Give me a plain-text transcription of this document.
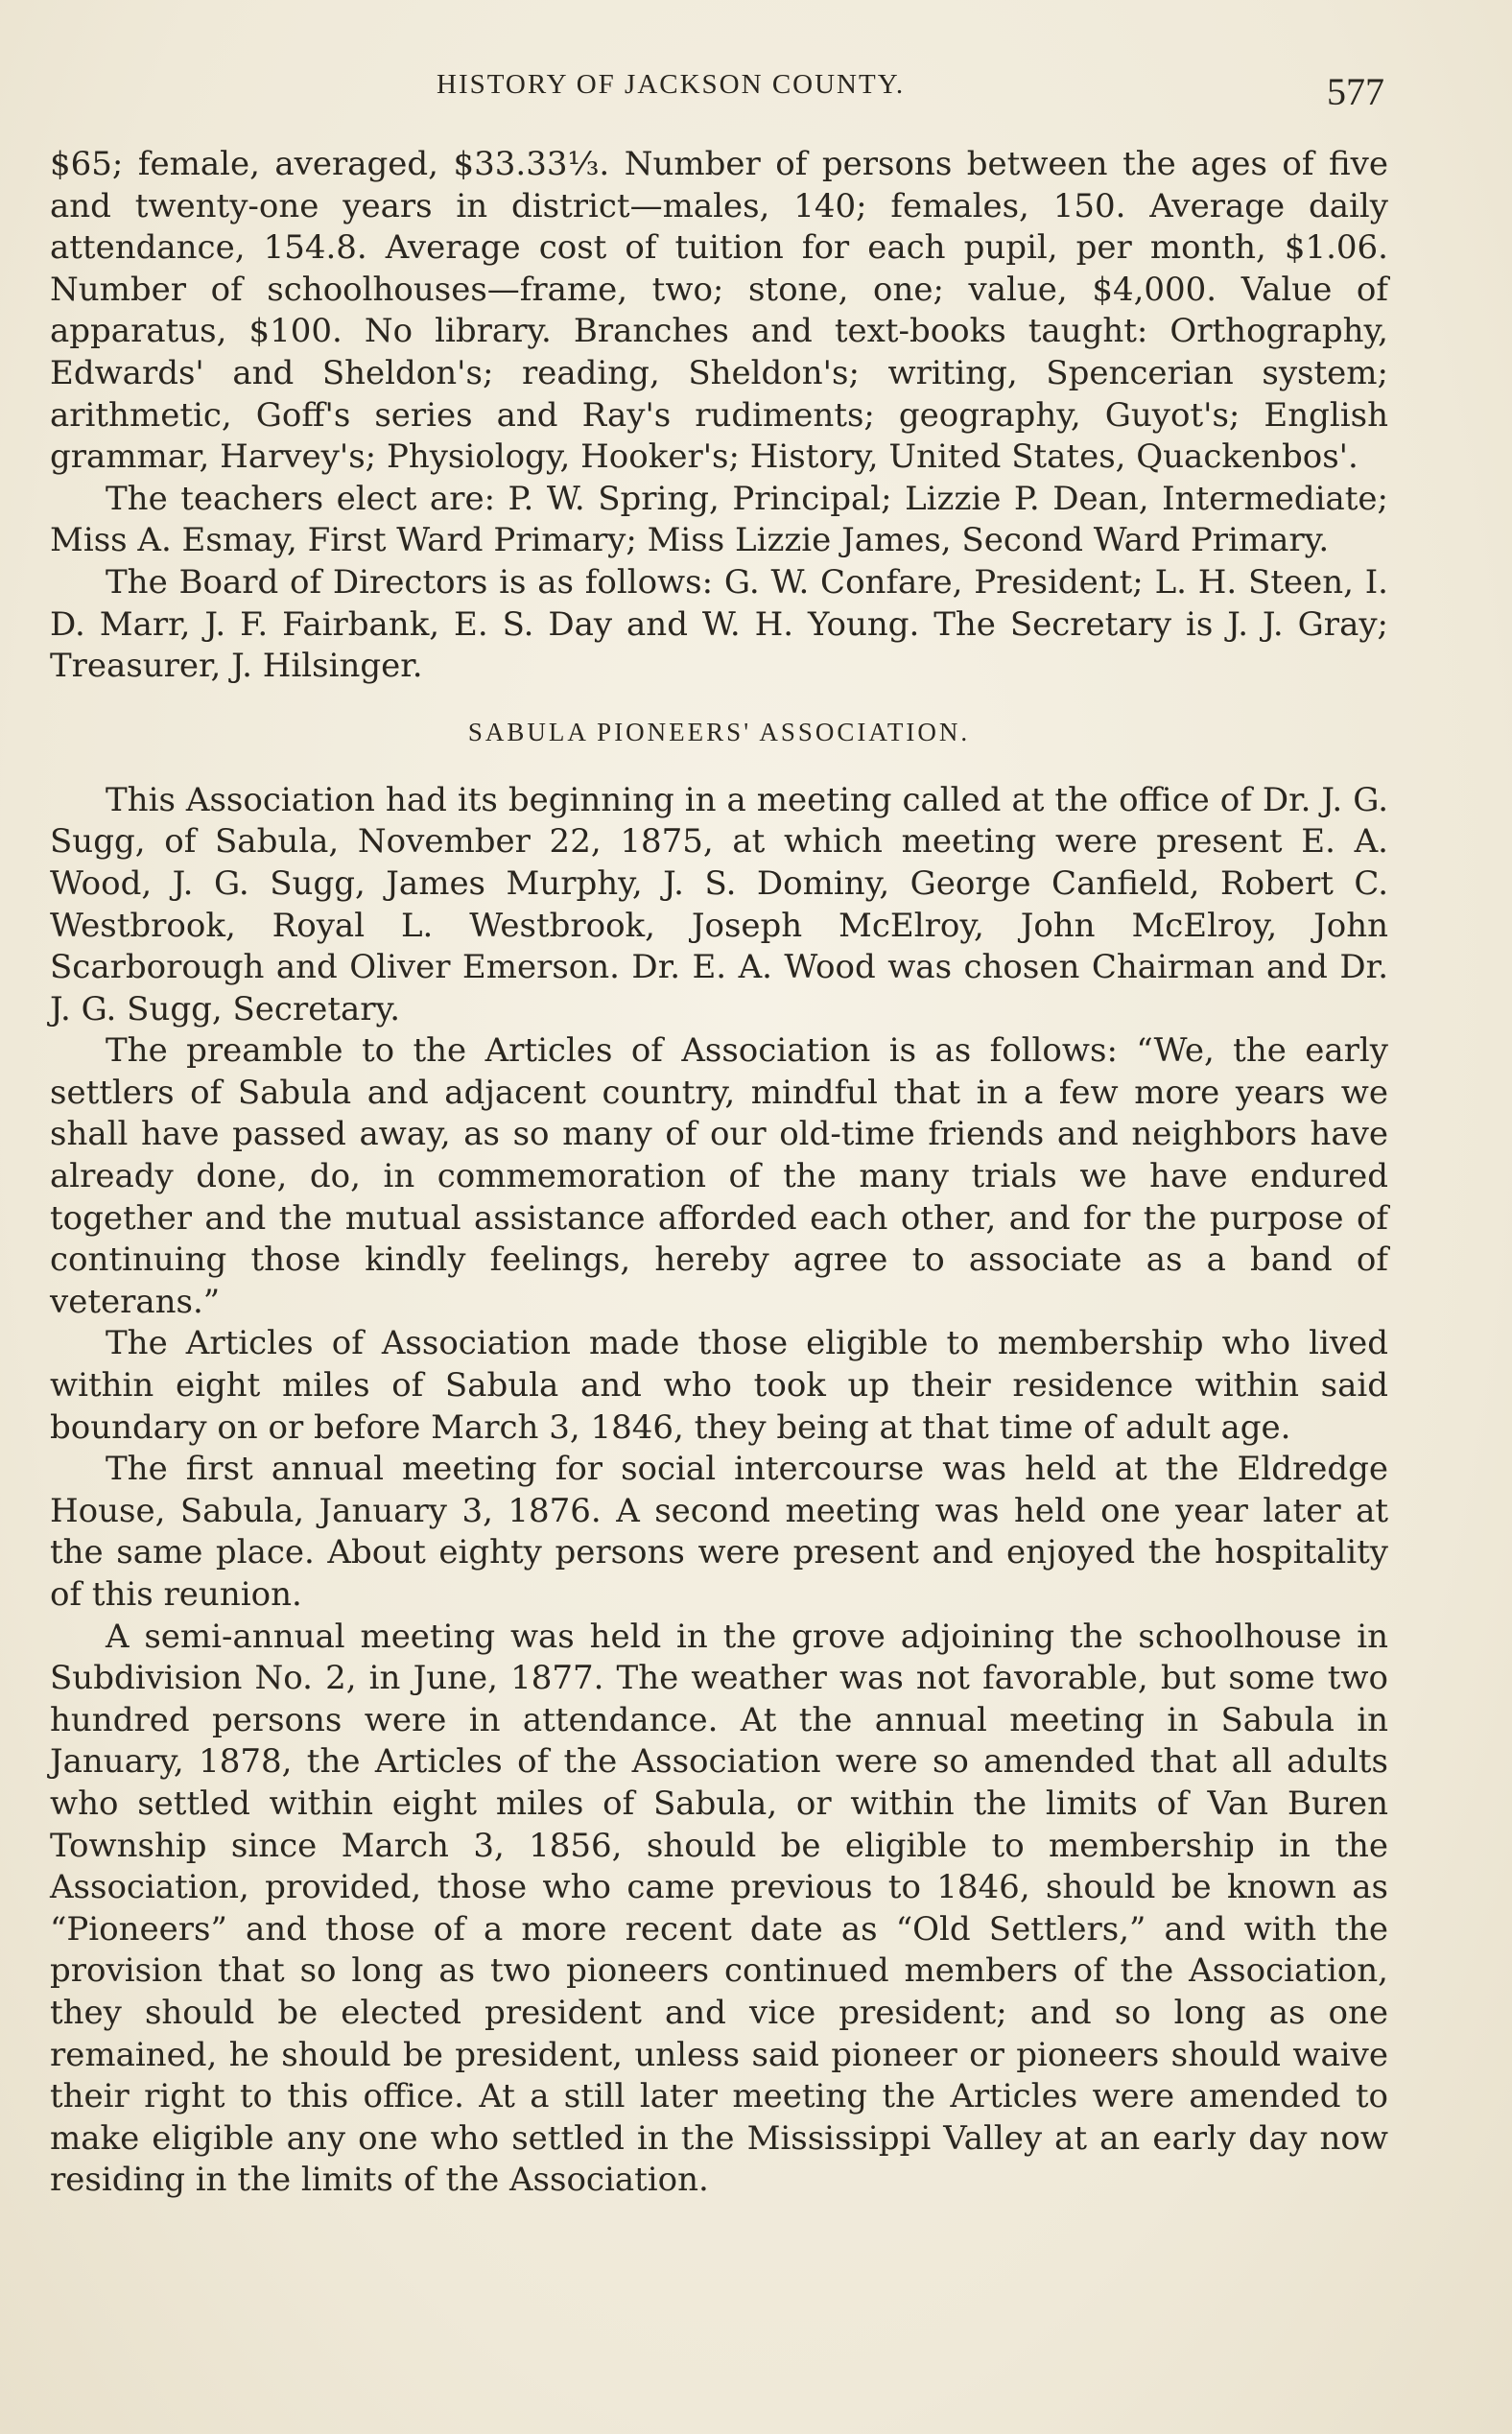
HISTORY OF JACKSON COUNTY.	577

$65; female, averaged, $33.33⅓. Number of persons between the ages of five and twenty-one years in district—males, 140; females, 150. Average daily attendance, 154.8. Average cost of tuition for each pupil, per month, $1.06. Number of schoolhouses—frame, two; stone, one; value, $4,000. Value of apparatus, $100. No library. Branches and text-books taught: Orthography, Edwards' and Sheldon's; reading, Sheldon's; writing, Spencerian system; arithmetic, Goff's series and Ray's rudiments; geography, Guyot's; English grammar, Harvey's; Physiology, Hooker's; History, United States, Quackenbos'.

The teachers elect are: P. W. Spring, Principal; Lizzie P. Dean, Intermediate; Miss A. Esmay, First Ward Primary; Miss Lizzie James, Second Ward Primary.

The Board of Directors is as follows: G. W. Confare, President; L. H. Steen, I. D. Marr, J. F. Fairbank, E. S. Day and W. H. Young. The Secretary is J. J. Gray; Treasurer, J. Hilsinger.

SABULA PIONEERS' ASSOCIATION.

This Association had its beginning in a meeting called at the office of Dr. J. G. Sugg, of Sabula, November 22, 1875, at which meeting were present E. A. Wood, J. G. Sugg, James Murphy, J. S. Dominy, George Canfield, Robert C. Westbrook, Royal L. Westbrook, Joseph McElroy, John McElroy, John Scarborough and Oliver Emerson. Dr. E. A. Wood was chosen Chairman and Dr. J. G. Sugg, Secretary.

The preamble to the Articles of Association is as follows: “We, the early settlers of Sabula and adjacent country, mindful that in a few more years we shall have passed away, as so many of our old-time friends and neighbors have already done, do, in commemoration of the many trials we have endured together and the mutual assistance afforded each other, and for the purpose of continuing those kindly feelings, hereby agree to associate as a band of veterans.”

The Articles of Association made those eligible to membership who lived within eight miles of Sabula and who took up their residence within said boundary on or before March 3, 1846, they being at that time of adult age.

The first annual meeting for social intercourse was held at the Eldredge House, Sabula, January 3, 1876. A second meeting was held one year later at the same place. About eighty persons were present and enjoyed the hospitality of this reunion.

A semi-annual meeting was held in the grove adjoining the schoolhouse in Subdivision No. 2, in June, 1877. The weather was not favorable, but some two hundred persons were in attendance. At the annual meeting in Sabula in January, 1878, the Articles of the Association were so amended that all adults who settled within eight miles of Sabula, or within the limits of Van Buren Township since March 3, 1856, should be eligible to membership in the Association, provided, those who came previous to 1846, should be known as “Pioneers” and those of a more recent date as “Old Settlers,” and with the provision that so long as two pioneers continued members of the Association, they should be elected president and vice president; and so long as one remained, he should be president, unless said pioneer or pioneers should waive their right to this office. At a still later meeting the Articles were amended to make eligible any one who settled in the Mississippi Valley at an early day now residing in the limits of the Association.
